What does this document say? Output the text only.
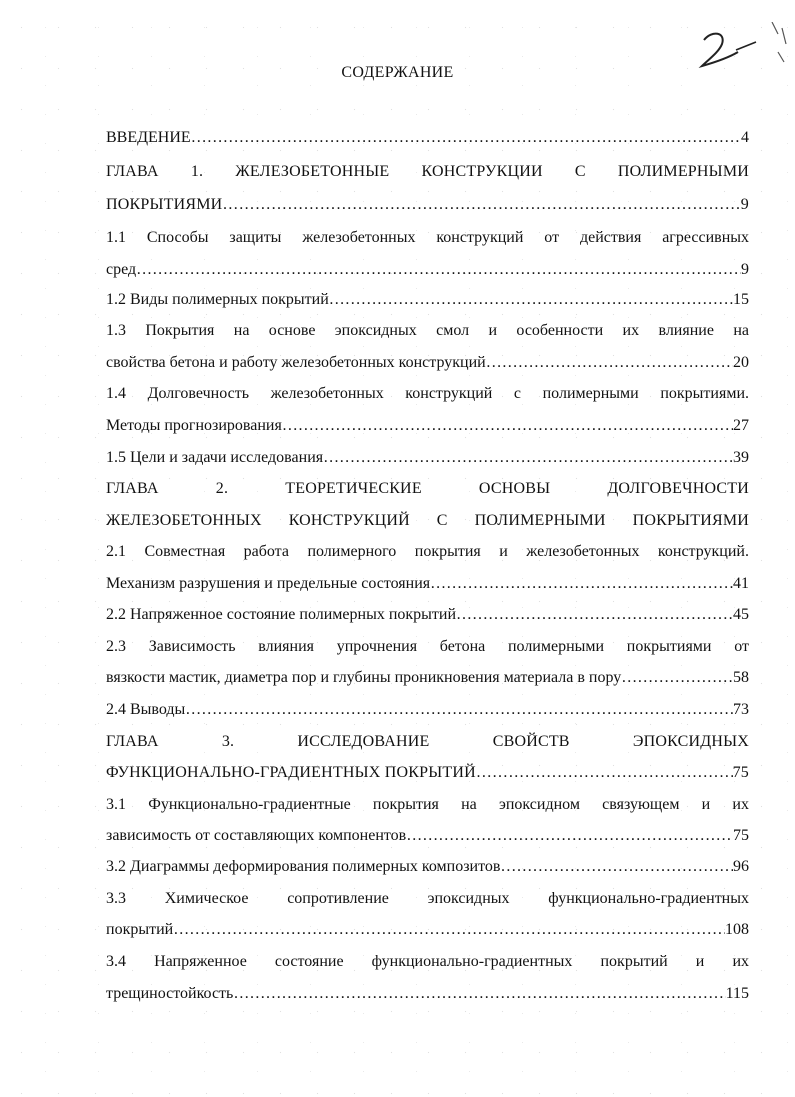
СОДЕРЖАНИЕ
ВВЕДЕНИЕ ……………………………………………………………………………………………………………………………………………………………………………………………………………	4
ГЛАВА 1. ЖЕЛЕЗОБЕТОННЫЕ КОНСТРУКЦИИ С ПОЛИМЕРНЫМИ
ПОКРЫТИЯМИ ……………………………………………………………………………………………………………………………………………………………………………………………………………	9
1.1 Способы защиты железобетонных конструкций от действия агрессивных
сред ……………………………………………………………………………………………………………………………………………………………………………………………………………	9
1.2 Виды полимерных покрытий ……………………………………………………………………………………………………………………………………………………………………………………………………………	15
1.3 Покрытия на основе эпоксидных смол и особенности их влияние на
свойства бетона и работу железобетонных конструкций ……………………………………………………………………………………………………………………………………………………………………………………………………………	20
1.4 Долговечность железобетонных конструкций с полимерными покрытиями.
Методы прогнозирования ……………………………………………………………………………………………………………………………………………………………………………………………………………	27
1.5 Цели и задачи исследования ……………………………………………………………………………………………………………………………………………………………………………………………………………	39
ГЛАВА 2. ТЕОРЕТИЧЕСКИЕ ОСНОВЫ ДОЛГОВЕЧНОСТИ
ЖЕЛЕЗОБЕТОННЫХ КОНСТРУКЦИЙ С ПОЛИМЕРНЫМИ ПОКРЫТИЯМИ
2.1 Совместная работа полимерного покрытия и железобетонных конструкций.
Механизм разрушения и предельные состояния ……………………………………………………………………………………………………………………………………………………………………………………………………………	41
2.2 Напряженное состояние полимерных покрытий ……………………………………………………………………………………………………………………………………………………………………………………………………………	45
2.3 Зависимость влияния упрочнения бетона полимерными покрытиями от
вязкости мастик, диаметра пор и глубины проникновения материала в пору ……………………………………………………………………………………………………………………………………………………………………………………………………………	58
2.4 Выводы ……………………………………………………………………………………………………………………………………………………………………………………………………………	73
ГЛАВА 3. ИССЛЕДОВАНИЕ СВОЙСТВ ЭПОКСИДНЫХ
ФУНКЦИОНАЛЬНО-ГРАДИЕНТНЫХ ПОКРЫТИЙ ……………………………………………………………………………………………………………………………………………………………………………………………………………	75
3.1 Функционально-градиентные покрытия на эпоксидном связующем и их
зависимость от составляющих компонентов ……………………………………………………………………………………………………………………………………………………………………………………………………………	75
3.2 Диаграммы деформирования полимерных композитов ……………………………………………………………………………………………………………………………………………………………………………………………………………	96
3.3 Химическое сопротивление эпоксидных функционально-градиентных
покрытий ……………………………………………………………………………………………………………………………………………………………………………………………………………	108
3.4 Напряженное состояние функционально-градиентных покрытий и их
трещиностойкость ……………………………………………………………………………………………………………………………………………………………………………………………………………	115
